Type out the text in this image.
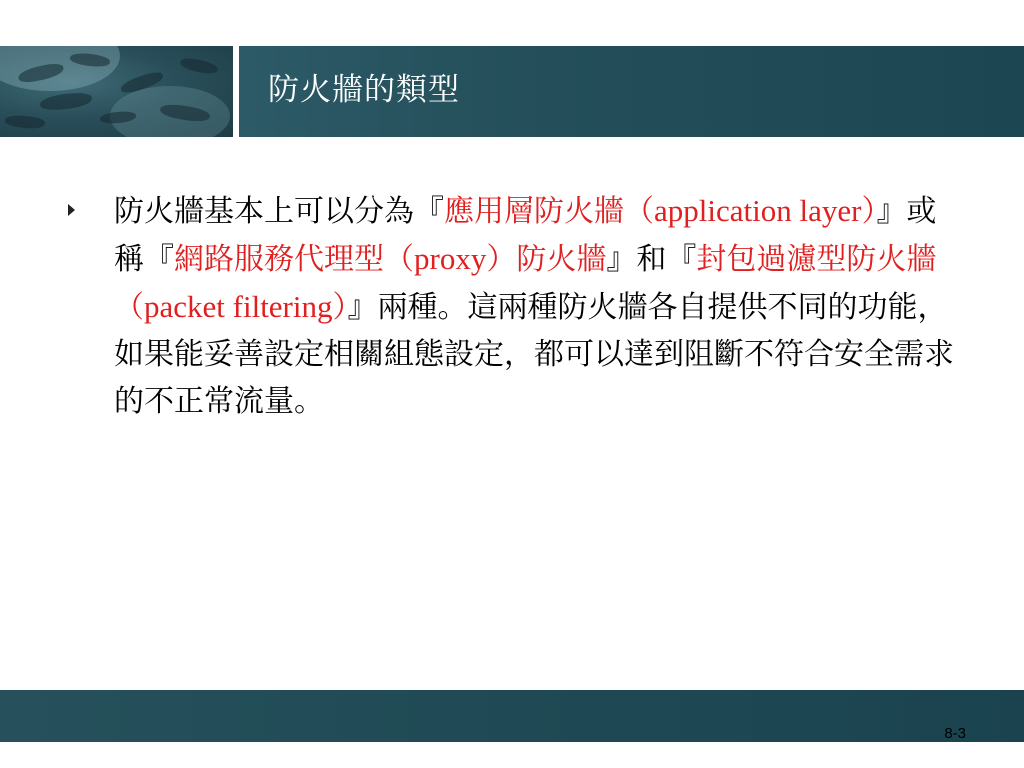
防火牆的類型
防火牆基本上可以分為『應用層防火牆（application layer）』或稱『網路服務代理型（proxy）防火牆』和『封包過濾型防火牆（packet filtering）』兩種。這兩種防火牆各自提供不同的功能，如果能妥善設定相關組態設定，都可以達到阻斷不符合安全需求的不正常流量。
8-3
